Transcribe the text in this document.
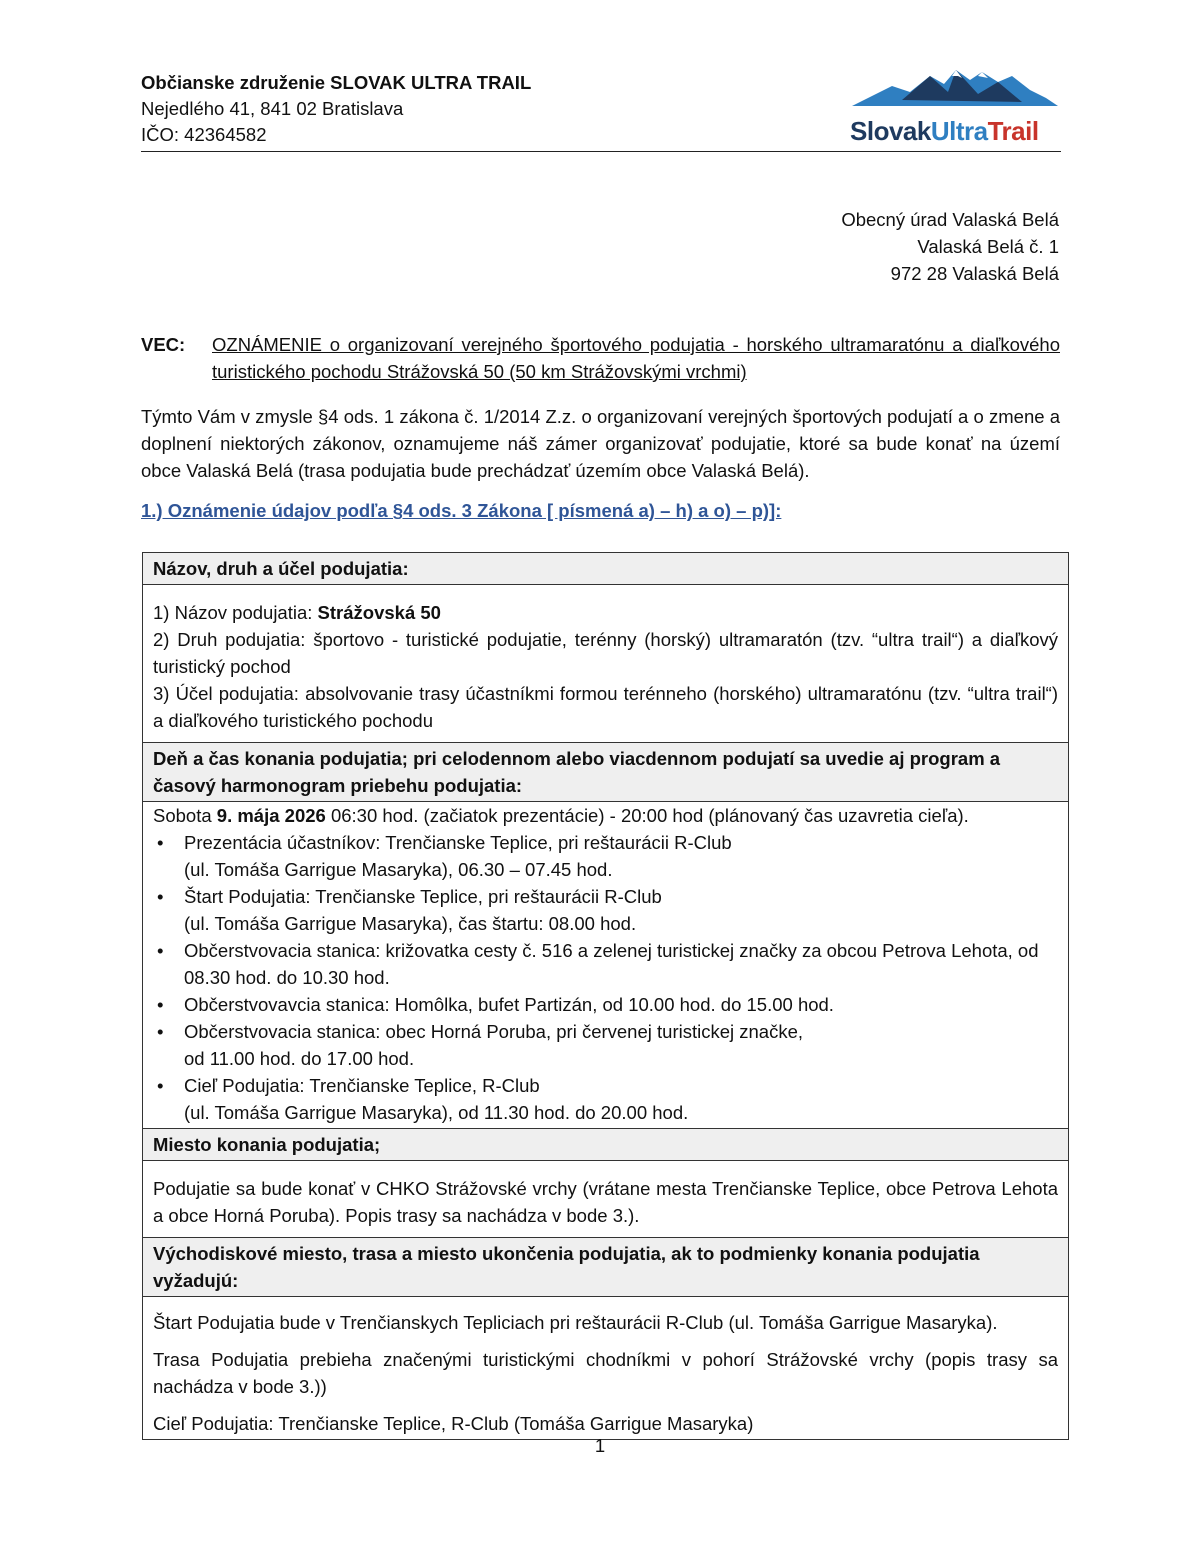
Občianske združenie SLOVAK ULTRA TRAIL
Nejedlého 41, 841 02 Bratislava
IČO: 42364582	SlovakUltraTrail
Obecný úrad Valaská Belá
Valaská Belá č. 1
972 28 Valaská Belá
VEC: OZNÁMENIE o organizovaní verejného športového podujatia - horského ultramaratónu a diaľkového turistického pochodu Strážovská 50 (50 km Strážovskými vrchmi)
Týmto Vám v zmysle §4 ods. 1 zákona č. 1/2014 Z.z. o organizovaní verejných športových podujatí a o zmene a doplnení niektorých zákonov, oznamujeme náš zámer organizovať podujatie, ktoré sa bude konať na území obce Valaská Belá (trasa podujatia bude prechádzať územím obce Valaská Belá).
1.) Oznámenie údajov podľa §4 ods. 3 Zákona [ písmená a) – h) a o) – p)]:
Názov, druh a účel podujatia:
1) Názov podujatia: Strážovská 50
2) Druh podujatia: športovo - turistické podujatie, terénny (horský) ultramaratón (tzv. “ultra trail“) a diaľkový turistický pochod
3) Účel podujatia: absolvovanie trasy účastníkmi formou terénneho (horského) ultramaratónu (tzv. “ultra trail“) a diaľkového turistického pochodu
Deň a čas konania podujatia; pri celodennom alebo viacdennom podujatí sa uvedie aj program a časový harmonogram priebehu podujatia:
Sobota 9. mája 2026 06:30 hod. (začiatok prezentácie) - 20:00 hod (plánovaný čas uzavretia cieľa).
• Prezentácia účastníkov: Trenčianske Teplice, pri reštaurácii R-Club
(ul. Tomáša Garrigue Masaryka), 06.30 – 07.45 hod.
• Štart Podujatia: Trenčianske Teplice, pri reštaurácii R-Club
(ul. Tomáša Garrigue Masaryka), čas štartu: 08.00 hod.
• Občerstvovacia stanica: križovatka cesty č. 516 a zelenej turistickej značky za obcou Petrova Lehota, od 08.30 hod. do 10.30 hod.
• Občerstvovavcia stanica: Homôlka, bufet Partizán, od 10.00 hod. do 15.00 hod.
• Občerstvovacia stanica: obec Horná Poruba, pri červenej turistickej značke,
od 11.00 hod. do 17.00 hod.
• Cieľ Podujatia: Trenčianske Teplice, R-Club
(ul. Tomáša Garrigue Masaryka), od 11.30 hod. do 20.00 hod.
Miesto konania podujatia;
Podujatie sa bude konať v CHKO Strážovské vrchy (vrátane mesta Trenčianske Teplice, obce Petrova Lehota a obce Horná Poruba). Popis trasy sa nachádza v bode 3.).
Východiskové miesto, trasa a miesto ukončenia podujatia, ak to podmienky konania podujatia vyžadujú:
Štart Podujatia bude v Trenčianskych Tepliciach pri reštaurácii R-Club (ul. Tomáša Garrigue Masaryka).
Trasa Podujatia prebieha značenými turistickými chodníkmi v pohorí Strážovské vrchy (popis trasy sa nachádza v bode 3.))
Cieľ Podujatia: Trenčianske Teplice, R-Club (Tomáša Garrigue Masaryka)
1
